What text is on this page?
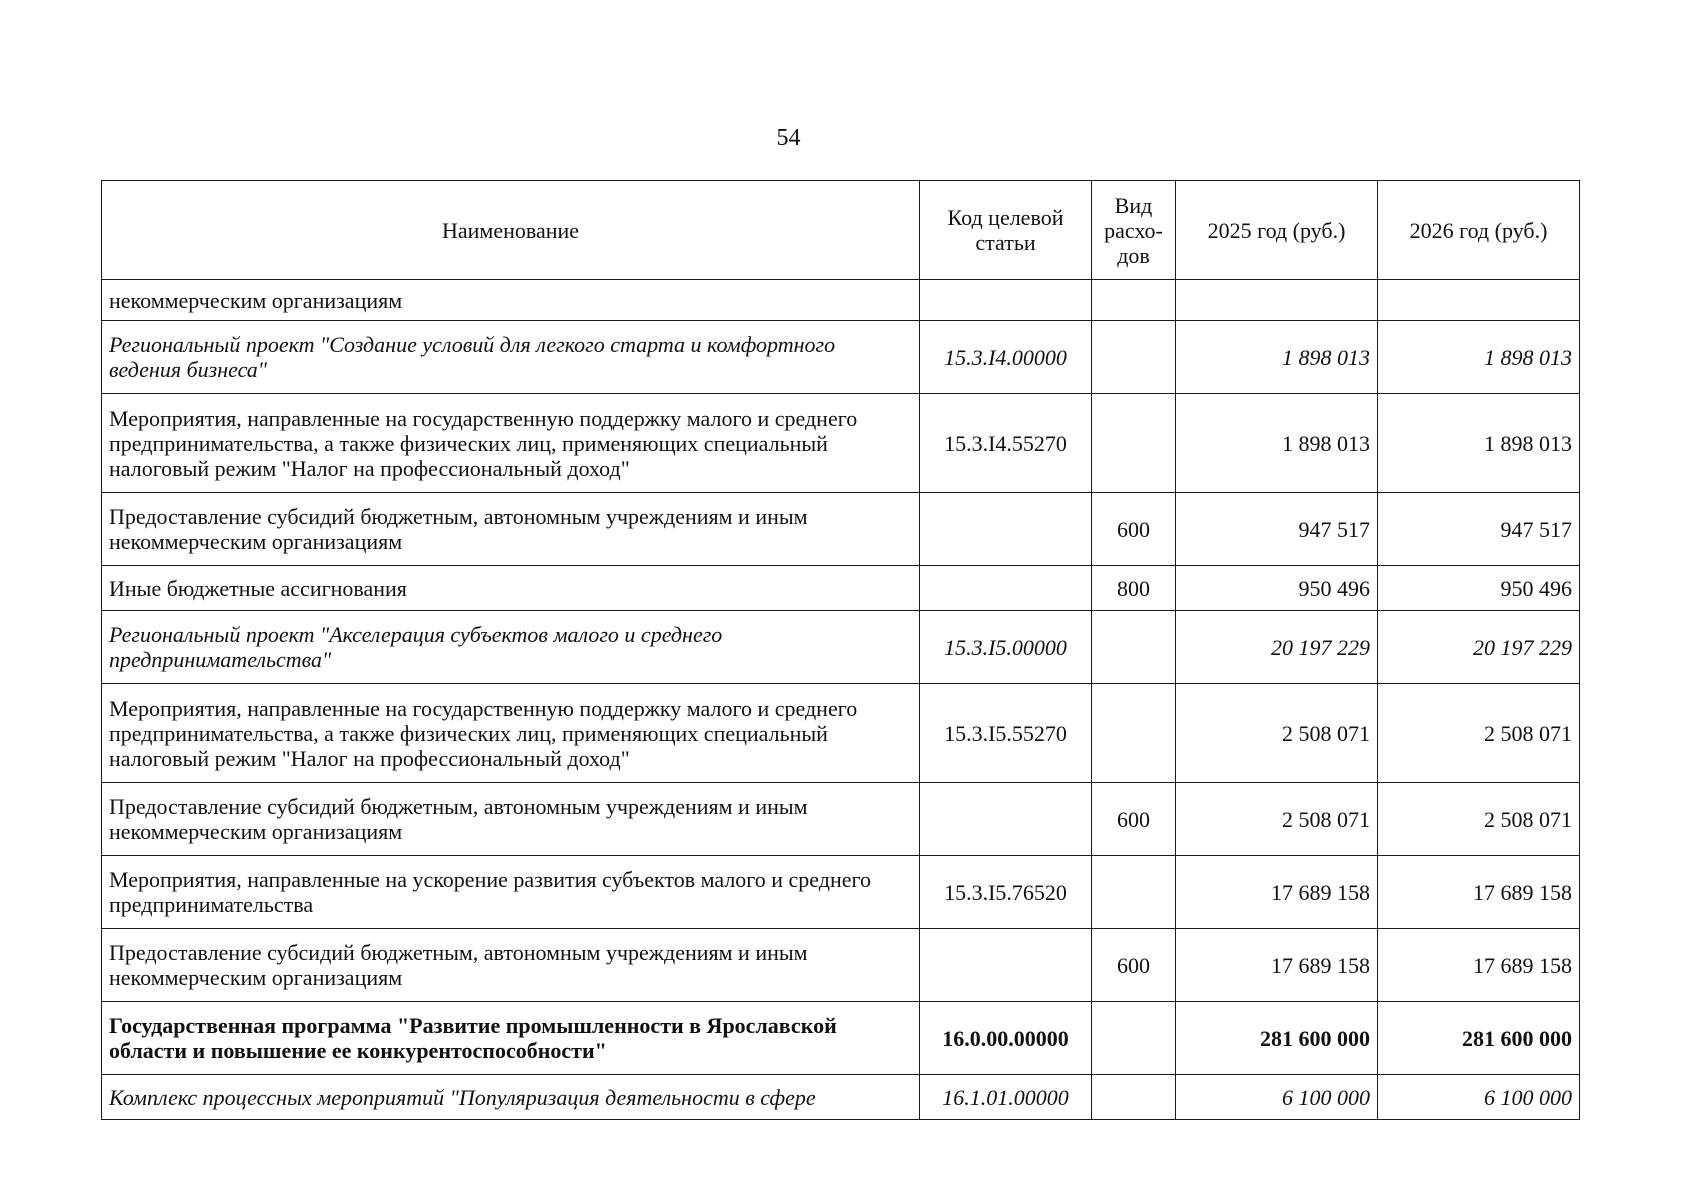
54
Наименование	Код целевой статьи	Вид расхо-дов	2025 год (руб.)	2026 год (руб.)
некоммерческим организациям				
Региональный проект "Создание условий для легкого старта и комфортного ведения бизнеса"	15.3.I4.00000		1 898 013	1 898 013
Мероприятия, направленные на государственную поддержку малого и среднего предпринимательства, а также физических лиц, применяющих специальный налоговый режим "Налог на профессиональный доход"	15.3.I4.55270		1 898 013	1 898 013
Предоставление субсидий бюджетным, автономным учреждениям и иным некоммерческим организациям		600	947 517	947 517
Иные бюджетные ассигнования		800	950 496	950 496
Региональный проект "Акселерация субъектов малого и среднего предпринимательства"	15.3.I5.00000		20 197 229	20 197 229
Мероприятия, направленные на государственную поддержку малого и среднего предпринимательства, а также физических лиц, применяющих специальный налоговый режим "Налог на профессиональный доход"	15.3.I5.55270		2 508 071	2 508 071
Предоставление субсидий бюджетным, автономным учреждениям и иным некоммерческим организациям		600	2 508 071	2 508 071
Мероприятия, направленные на ускорение развития субъектов малого и среднего предпринимательства	15.3.I5.76520		17 689 158	17 689 158
Предоставление субсидий бюджетным, автономным учреждениям и иным некоммерческим организациям		600	17 689 158	17 689 158
Государственная программа "Развитие промышленности в Ярославской области и повышение ее конкурентоспособности"	16.0.00.00000		281 600 000	281 600 000
Комплекс процессных мероприятий "Популяризация деятельности в сфере	16.1.01.00000		6 100 000	6 100 000
